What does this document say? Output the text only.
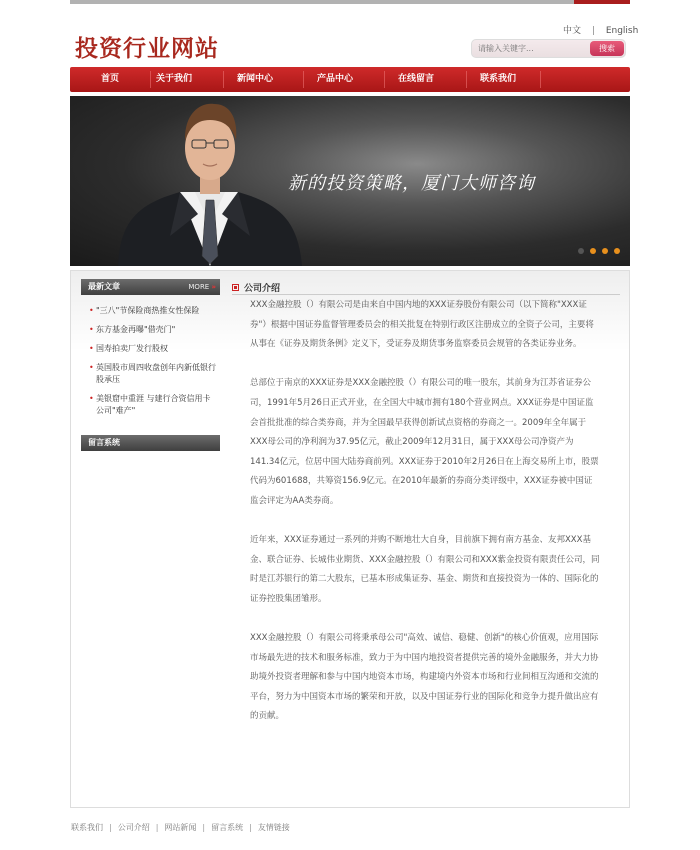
投资行业网站
中文 | English
请输入关键字...
搜索
首页	关于我们	新闻中心	产品中心	在线留言	联系我们
新的投资策略，厦门大师咨询

最新文章	MORE »
• "三八"节保险商热推女性保险
• 东方基金再曝"借壳门"
• 国寿拍卖厂发行股权
• 英国股市周四收盘创年内新低银行股承压
• 美银窟中重涯 与建行合资信用卡公司"难产"
留言系统
公司介绍

XXX金融控股（）有限公司是由来自中国内地的XXX证券股份有限公司（以下简称"XXX证券"）根据中国证券监督管理委员会的相关批复在特别行政区注册成立的全资子公司，主要将从事在《证券及期货条例》定义下，受证券及期货事务监察委员会规管的各类证券业务。

总部位于南京的XXX证券是XXX金融控股（）有限公司的唯一股东，其前身为江苏省证券公司，1991年5月26日正式开业，在全国大中城市拥有180个营业网点。XXX证券是中国证监会首批批准的综合类券商，并为全国最早获得创新试点资格的券商之一。2009年全年属于XXX母公司的净利润为37.95亿元，截止2009年12月31日，属于XXX母公司净资产为141.34亿元，位居中国大陆券商前列。XXX证券于2010年2月26日在上海交易所上市，股票代码为601688，共筹资156.9亿元。在2010年最新的券商分类评级中，XXX证券被中国证监会评定为AA类券商。

近年来，XXX证券通过一系列的并购不断地壮大自身，目前旗下拥有南方基金、友邦XXX基金、联合证券、长城伟业期货、XXX金融控股（）有限公司和XXX紫金投资有限责任公司，同时是江苏银行的第二大股东，已基本形成集证券、基金、期货和直接投资为一体的、国际化的证券控股集团雏形。

XXX金融控股（）有限公司将秉承母公司"高效、诚信、稳健、创新"的核心价值观，应用国际市场最先进的技术和服务标准，致力于为中国内地投资者提供完善的境外金融服务，并大力协助境外投资者理解和参与中国内地资本市场，构建境内外资本市场和行业间相互沟通和交流的平台，努力为中国资本市场的繁荣和开放，以及中国证券行业的国际化和竞争力提升做出应有的贡献。

联系我们 | 公司介绍 | 网站新闻 | 留言系统 | 友情链接
